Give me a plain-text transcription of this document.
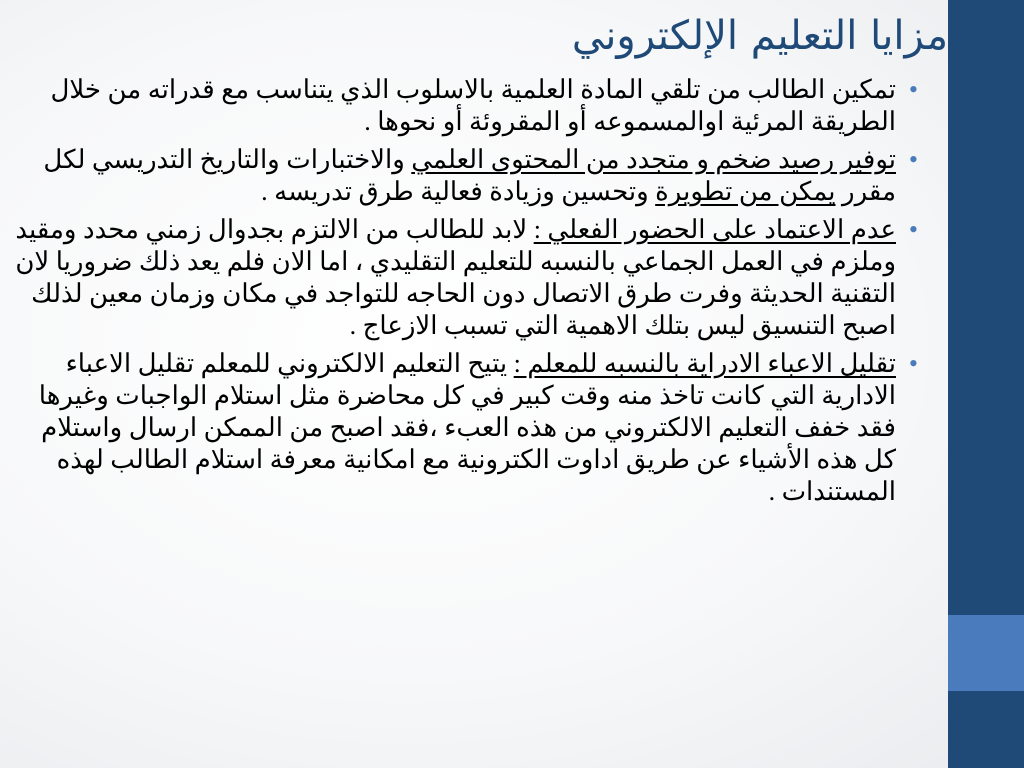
مزايا التعليم الإلكتروني
•
تمكين الطالب من تلقي المادة العلمية بالاسلوب الذي يتناسب مع قدراته من خلال الطريقة المرئية اوالمسموعه أو المقروئة أو نحوها .
•
توفير رصيد ضخم و متجدد من المحتوى العلمي والاختبارات والتاريخ التدريسي لكل مقرر يمكن من تطويرة وتحسين وزيادة فعالية طرق تدريسه .
•
عدم الاعتماد على الحضور الفعلي : لابد للطالب من الالتزم بجدوال زمني محدد ومقيد وملزم في العمل الجماعي بالنسبه للتعليم التقليدي ، اما الان فلم يعد ذلك ضروريا لان التقنية الحديثة وفرت طرق الاتصال دون الحاجه للتواجد في مكان وزمان معين لذلك اصبح التنسيق ليس بتلك الاهمية التي تسبب الازعاج .
•
تقليل الاعباء الادراية بالنسبه للمعلم : يتيح التعليم الالكتروني للمعلم تقليل الاعباء الادارية التي كانت تاخذ منه وقت كبير في كل محاضرة مثل استلام الواجبات وغيرها فقد خفف التعليم الالكتروني من هذه العبء ،فقد اصبح من الممكن ارسال واستلام كل هذه الأشياء عن طريق اداوت الكترونية مع امكانية معرفة استلام الطالب لهذه المستندات .
